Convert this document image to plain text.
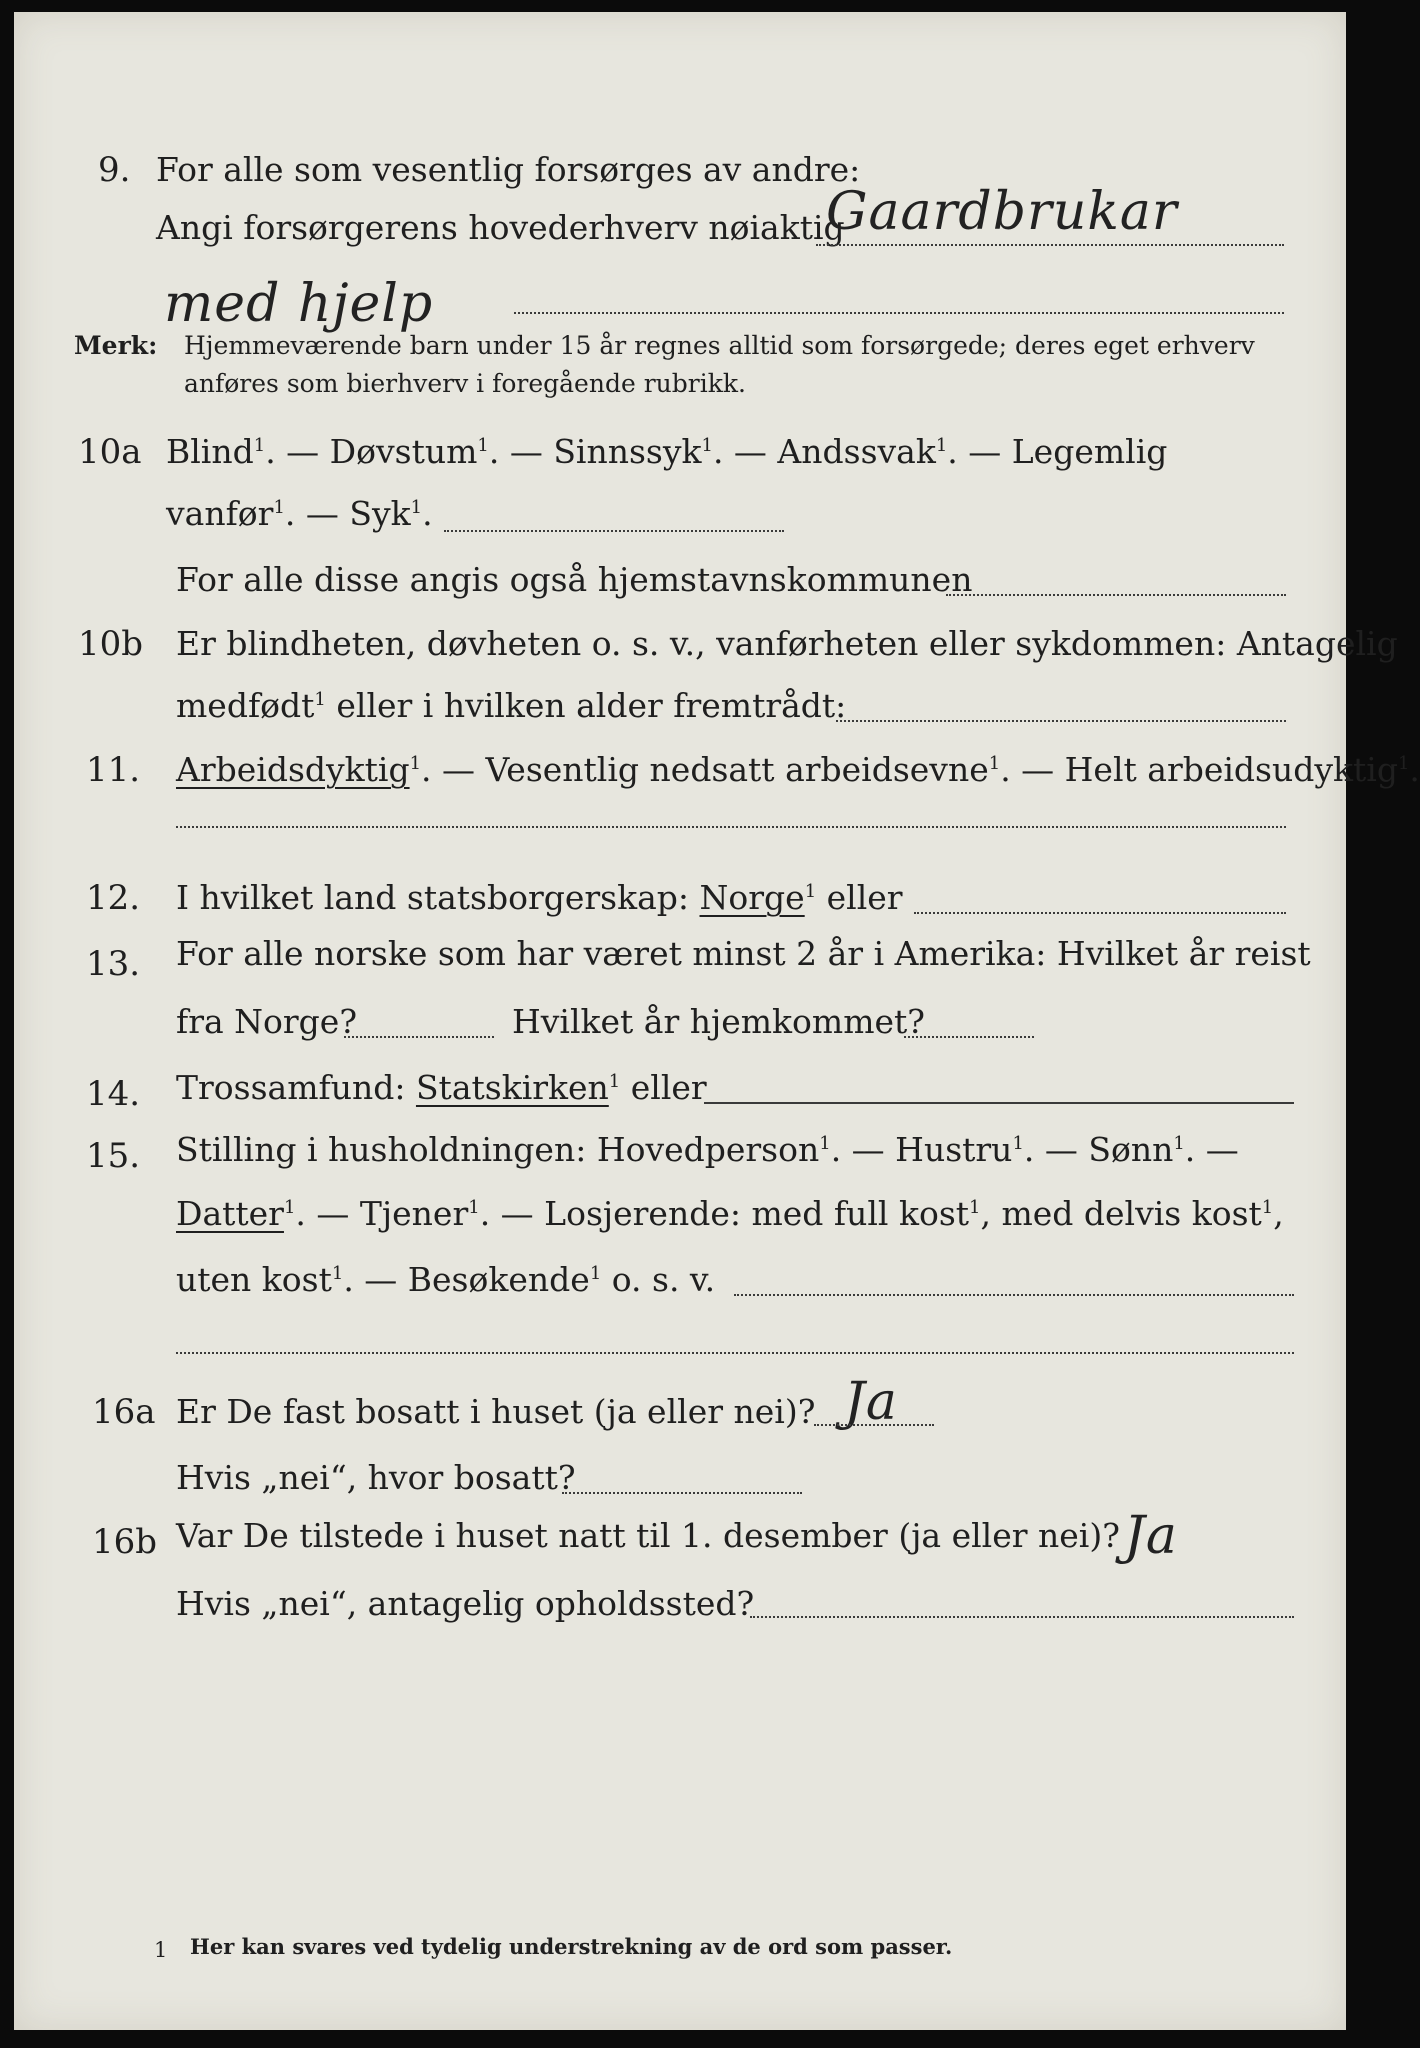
9. For alle som vesentlig forsørges av andre:
Angi forsørgerens hovederhverv nøiaktig
Gaardbrukar
med hjelp
Merk: Hjemmeværende barn under 15 år regnes alltid som forsørgede; deres eget erhverv
anføres som bierhverv i foregående rubrikk.
10a Blind$^1$. — Døvstum$^1$. — Sinnssyk$^1$. — Andssvak$^1$. — Legemlig
vanfør$^1$. — Syk$^1$.
For alle disse angis også hjemstavnskommunen
10b Er blindheten, døvheten o. s. v., vanførheten eller sykdommen: Antagelig
medfødt$^1$ eller i hvilken alder fremtrådt:
11. Arbeidsdyktig$^1$. — Vesentlig nedsatt arbeidsevne$^1$. — Helt arbeidsudyktig$^1$.
12. I hvilket land statsborgerskap: Norge$^1$ eller
13. For alle norske som har været minst 2 år i Amerika: Hvilket år reist
fra Norge?	Hvilket år hjemkommet?
14. Trossamfund: Statskirken$^1$ eller
15. Stilling i husholdningen: Hovedperson$^1$. — Hustru$^1$. — Sønn$^1$. —
Datter$^1$. — Tjener$^1$. — Losjerende: med full kost$^1$, med delvis kost$^1$,
uten kost$^1$. — Besøkende$^1$ o. s. v.
16a Er De fast bosatt i huset (ja eller nei)? Ja
Hvis „nei“, hvor bosatt?
16b Var De tilstede i huset natt til 1. desember (ja eller nei)? Ja
Hvis „nei“, antagelig opholdssted?
1 Her kan svares ved tydelig understrekning av de ord som passer.
